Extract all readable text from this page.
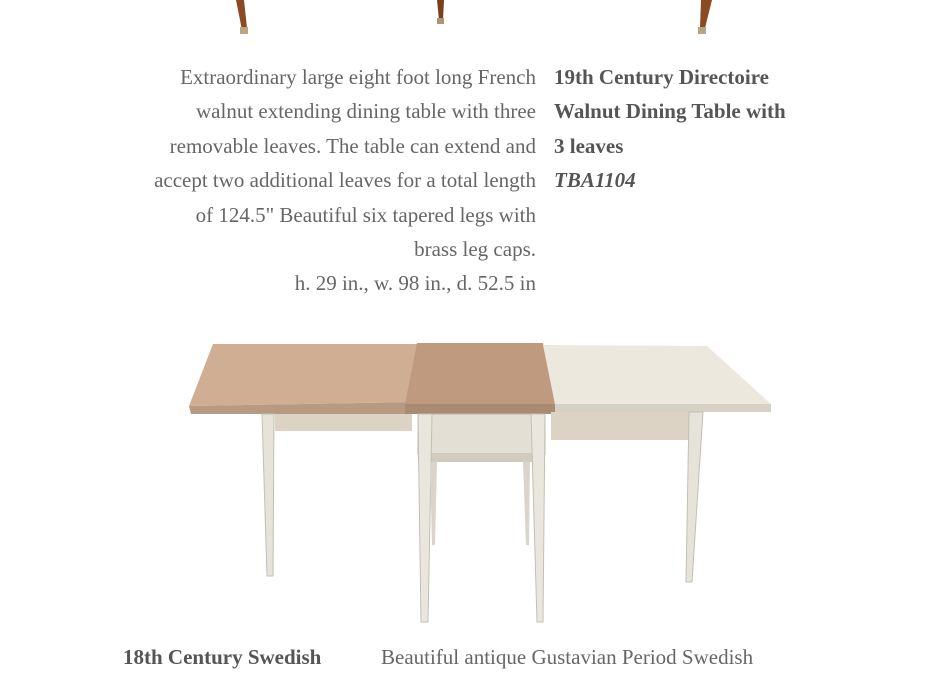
Extraordinary large eight foot long French
walnut extending dining table with three
removable leaves. The table can extend and
accept two additional leaves for a total length
of 124.5" Beautiful six tapered legs with
brass leg caps.
h. 29 in., w. 98 in., d. 52.5 in
19th Century Directoire
Walnut Dining Table with
3 leaves
TBA1104
18th Century Swedish	Beautiful antique Gustavian Period Swedish
